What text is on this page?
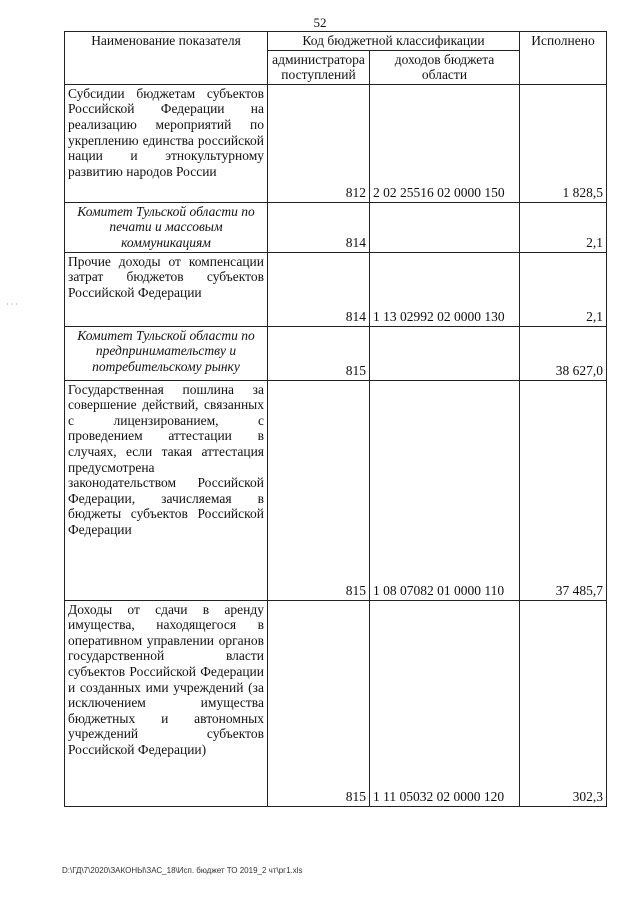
52
· · ·
Наименование показателя	Код бюджетной классификации		Исполнено
	администратора поступлений	доходов бюджета области	
Субсидии бюджетам субъектов Российской Федерации на реализацию мероприятий по укреплению единства российской нации и этнокультурному развитию народов России	812	2 02 25516 02 0000 150	1 828,5
Комитет Тульской области по печати и массовым коммуникациям	814		2,1
Прочие доходы от компенсации затрат бюджетов субъектов Российской Федерации	814	1 13 02992 02 0000 130	2,1
Комитет Тульской области по предпринимательству и потребительскому рынку	815		38 627,0
Государственная пошлина за совершение действий, связанных с лицензированием, с проведением аттестации в случаях, если такая аттестация предусмотрена законодательством Российской Федерации, зачисляемая в бюджеты субъектов Российской Федерации	815	1 08 07082 01 0000 110	37 485,7
Доходы от сдачи в аренду имущества, находящегося в оперативном управлении органов государственной власти субъектов Российской Федерации и созданных ими учреждений (за исключением имущества бюджетных и автономных учреждений субъектов Российской Федерации)	815	1 11 05032 02 0000 120	302,3
D:\ГД\7\2020\ЗАКОНЫ\ЗАС_18\Исп. бюджет ТО 2019_2 чт\рг1.xls
